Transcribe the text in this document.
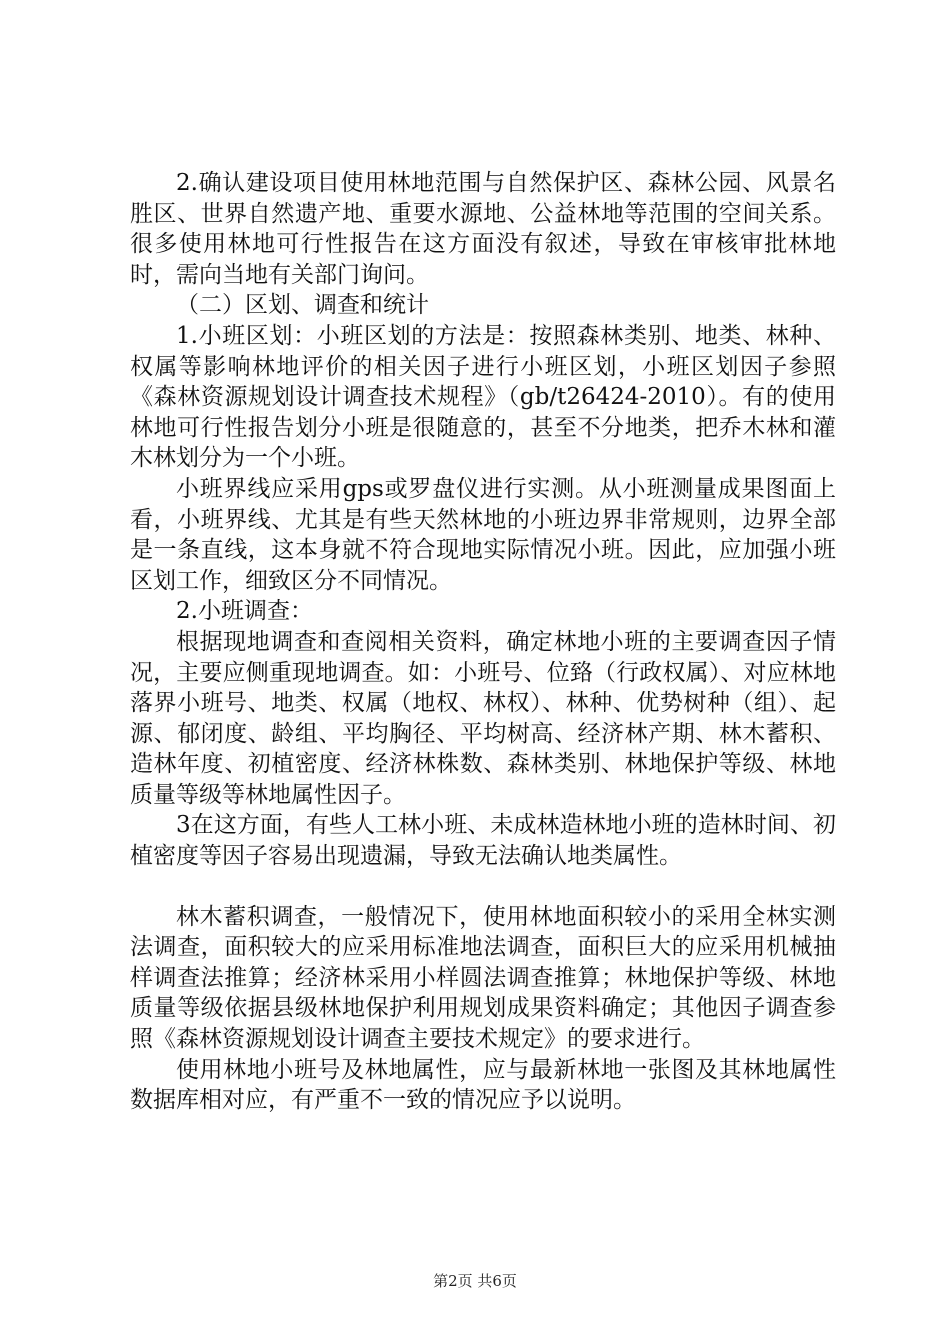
2.确认建设项目使用林地范围与自然保护区、森林公园、风景名胜区、世界自然遗产地、重要水源地、公益林地等范围的空间关系。很多使用林地可行性报告在这方面没有叙述，导致在审核审批林地时，需向当地有关部门询问。

（二）区划、调查和统计

1.小班区划：小班区划的方法是：按照森林类别、地类、林种、权属等影响林地评价的相关因子进行小班区划，小班区划因子参照《森林资源规划设计调查技术规程》（gb/t26424-2010）。有的使用林地可行性报告划分小班是很随意的，甚至不分地类，把乔木林和灌木林划分为一个小班。

小班界线应采用gps或罗盘仪进行实测。从小班测量成果图面上看，小班界线、尤其是有些天然林地的小班边界非常规则，边界全部是一条直线，这本身就不符合现地实际情况小班。因此，应加强小班区划工作，细致区分不同情况。

2.小班调查：

根据现地调查和查阅相关资料，确定林地小班的主要调查因子情况，主要应侧重现地调查。如：小班号、位臵（行政权属）、对应林地落界小班号、地类、权属（地权、林权）、林种、优势树种（组）、起源、郁闭度、龄组、平均胸径、平均树高、经济林产期、林木蓄积、造林年度、初植密度、经济林株数、森林类别、林地保护等级、林地质量等级等林地属性因子。

3在这方面，有些人工林小班、未成林造林地小班的造林时间、初植密度等因子容易出现遗漏，导致无法确认地类属性。

林木蓄积调查，一般情况下，使用林地面积较小的采用全林实测法调查，面积较大的应采用标准地法调查，面积巨大的应采用机械抽样调查法推算；经济林采用小样圆法调查推算；林地保护等级、林地质量等级依据县级林地保护利用规划成果资料确定；其他因子调查参照《森林资源规划设计调查主要技术规定》的要求进行。

使用林地小班号及林地属性，应与最新林地一张图及其林地属性数据库相对应，有严重不一致的情况应予以说明。

第2页 共6页
